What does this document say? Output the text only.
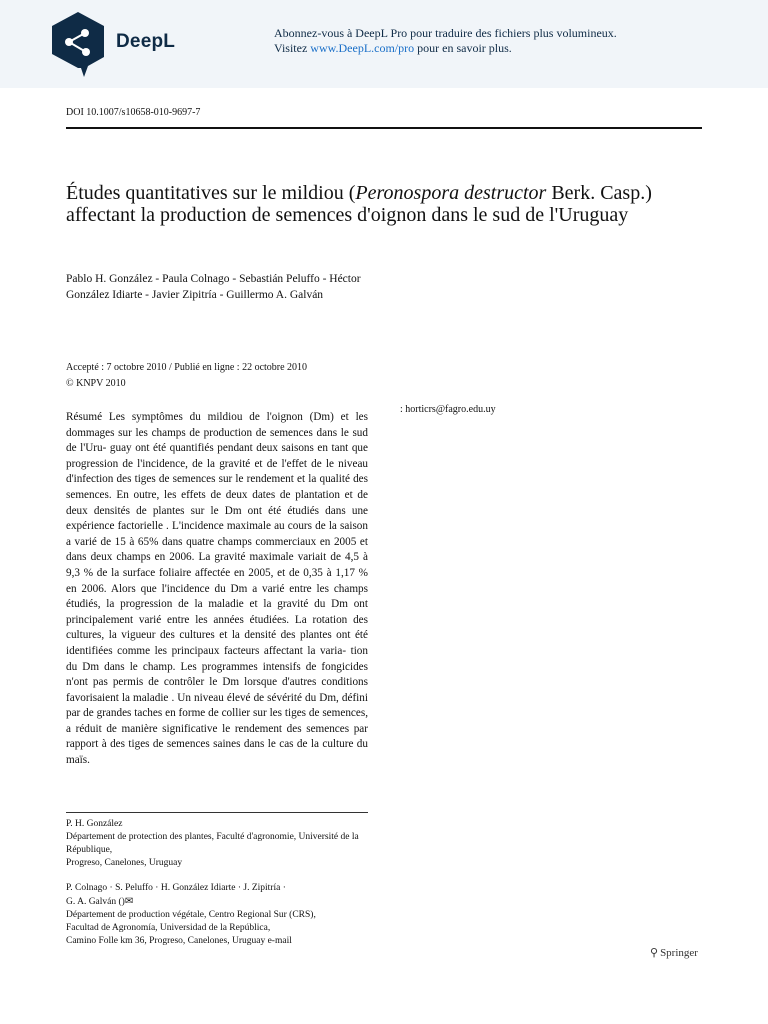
DeepL	Abonnez-vous à DeepL Pro pour traduire des fichiers plus volumineux.
Visitez www.DeepL.com/pro pour en savoir plus.
DOI 10.1007/s10658-010-9697-7
Études quantitatives sur le mildiou (Peronospora destructor Berk. Casp.) affectant la production de semences d'oignon dans le sud de l'Uruguay
Pablo H. González - Paula Colnago - Sebastián Peluffo - Héctor González Idiarte - Javier Zipitría - Guillermo A. Galván
Accepté : 7 octobre 2010 / Publié en ligne : 22 octobre 2010
© KNPV 2010
: horticrs@fagro.edu.uy
Résumé Les symptômes du mildiou de l'oignon (Dm) et les dommages sur les champs de production de semences dans le sud de l'Uru- guay ont été quantifiés pendant deux saisons en tant que progression de l'incidence, de la gravité et de l'effet de le niveau d'infection des tiges de semences sur le rendement et la qualité des semences. En outre, les effets de deux dates de plantation et de deux densités de plantes sur le Dm ont été étudiés dans une expérience factorielle . L'incidence maximale au cours de la saison a varié de 15 à 65% dans quatre champs commerciaux en 2005 et dans deux champs en 2006. La gravité maximale variait de 4,5 à 9,3 % de la surface foliaire affectée en 2005, et de 0,35 à 1,17 % en 2006. Alors que l'incidence du Dm a varié entre les champs étudiés, la progression de la maladie et la gravité du Dm ont principalement varié entre les années étudiées. La rotation des cultures, la vigueur des cultures et la densité des plantes ont été identifiées comme les principaux facteurs affectant la varia- tion du Dm dans le champ. Les programmes intensifs de fongicides n'ont pas permis de contrôler le Dm lorsque d'autres conditions favorisaient la maladie . Un niveau élevé de sévérité du Dm, défini par de grandes taches en forme de collier sur les tiges de semences, a réduit de manière significative le rendement des semences par rapport à des tiges de semences saines dans le cas de la culture du maïs.
P. H. González
Département de protection des plantes, Faculté d'agronomie, Université de la République,
Progreso, Canelones, Uruguay
P. Colnago · S. Peluffo · H. González Idiarte · J. Zipitría ·
G. A. Galván ()✉
Département de production végétale, Centro Regional Sur (CRS),
Facultad de Agronomía, Universidad de la República,
Camino Folle km 36, Progreso, Canelones, Uruguay e-mail
⚲ Springer
